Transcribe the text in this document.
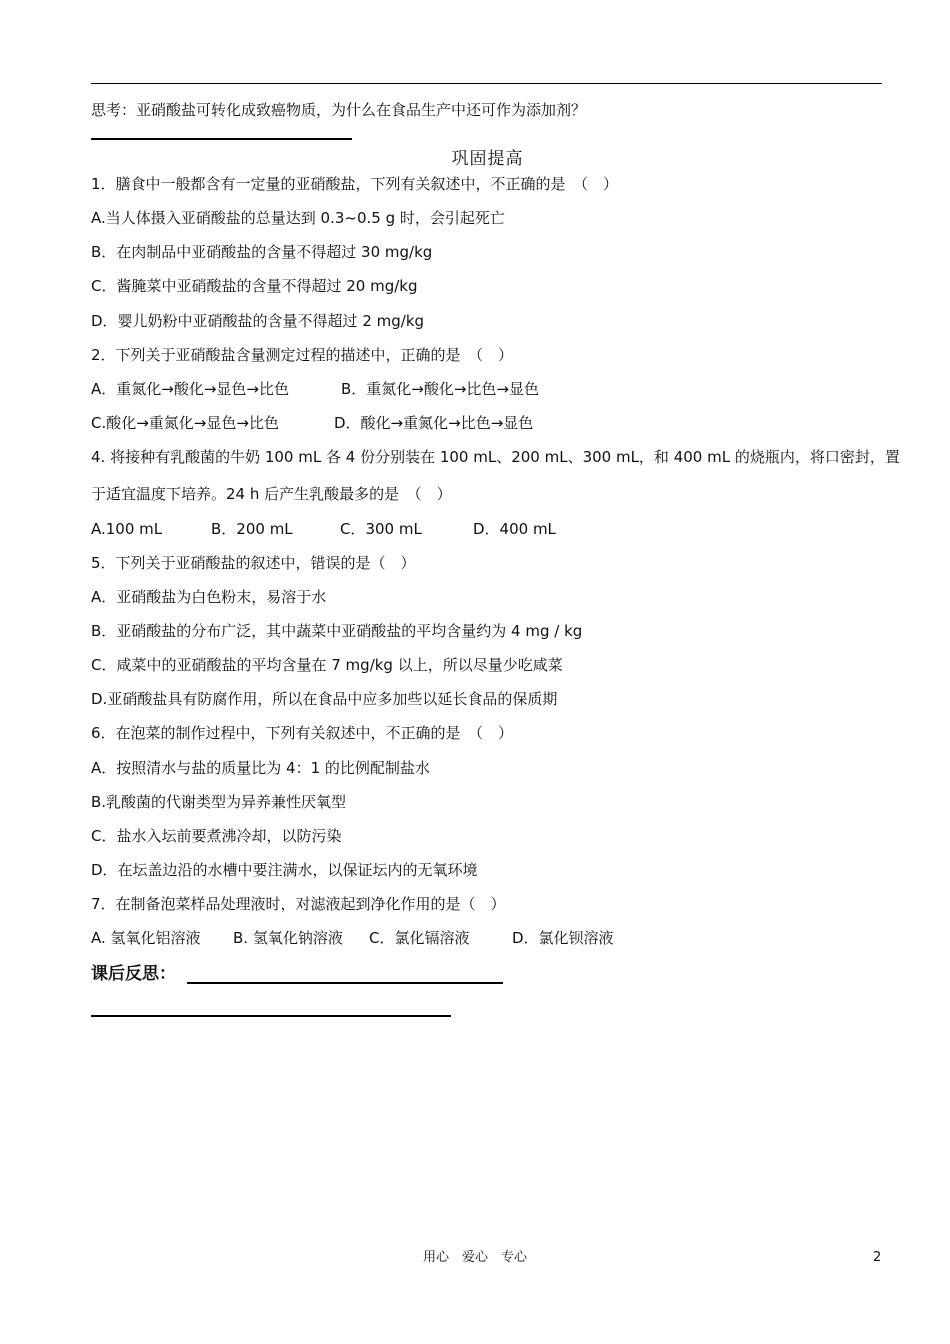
思考：亚硝酸盐可转化成致癌物质，为什么在食品生产中还可作为添加剂？
巩固提高
1．膳食中一般都含有一定量的亚硝酸盐，下列有关叙述中，不正确的是　（　）
A.当人体摄入亚硝酸盐的总量达到 0.3~0.5 g 时，会引起死亡
B．在肉制品中亚硝酸盐的含量不得超过 30 mg/kg
C．酱腌菜中亚硝酸盐的含量不得超过 20 mg/kg
D．婴儿奶粉中亚硝酸盐的含量不得超过 2 mg/kg
2．下列关于亚硝酸盐含量测定过程的描述中，正确的是　（　）
A．重氮化→酸化→显色→比色	B．重氮化→酸化→比色→显色
C.酸化→重氮化→显色→比色	D．酸化→重氮化→比色→显色
4. 将接种有乳酸菌的牛奶 100 mL 各 4 份分别装在 100 mL、200 mL、300 mL，和 400 mL 的烧瓶内，将口密封，置
于适宜温度下培养。24 h 后产生乳酸最多的是　（　）
A.100 mL	B．200 mL	C．300 mL	D．400 mL
5．下列关于亚硝酸盐的叙述中，错误的是（　）
A．亚硝酸盐为白色粉末，易溶于水
B．亚硝酸盐的分布广泛，其中蔬菜中亚硝酸盐的平均含量约为 4 mg / kg
C．咸菜中的亚硝酸盐的平均含量在 7 mg/kg 以上，所以尽量少吃咸菜
D.亚硝酸盐具有防腐作用，所以在食品中应多加些以延长食品的保质期
6．在泡菜的制作过程中，下列有关叙述中，不正确的是　（　）
A．按照清水与盐的质量比为 4：1 的比例配制盐水
B.乳酸菌的代谢类型为异养兼性厌氧型
C．盐水入坛前要煮沸冷却，以防污染
D．在坛盖边沿的水槽中要注满水，以保证坛内的无氧环境
7．在制备泡菜样品处理液时，对滤液起到净化作用的是（　）
A. 氢氧化铝溶液 B. 氢氧化钠溶液 C．氯化镉溶液	D．氯化钡溶液
课后反思：
用心　爱心　专心	2
